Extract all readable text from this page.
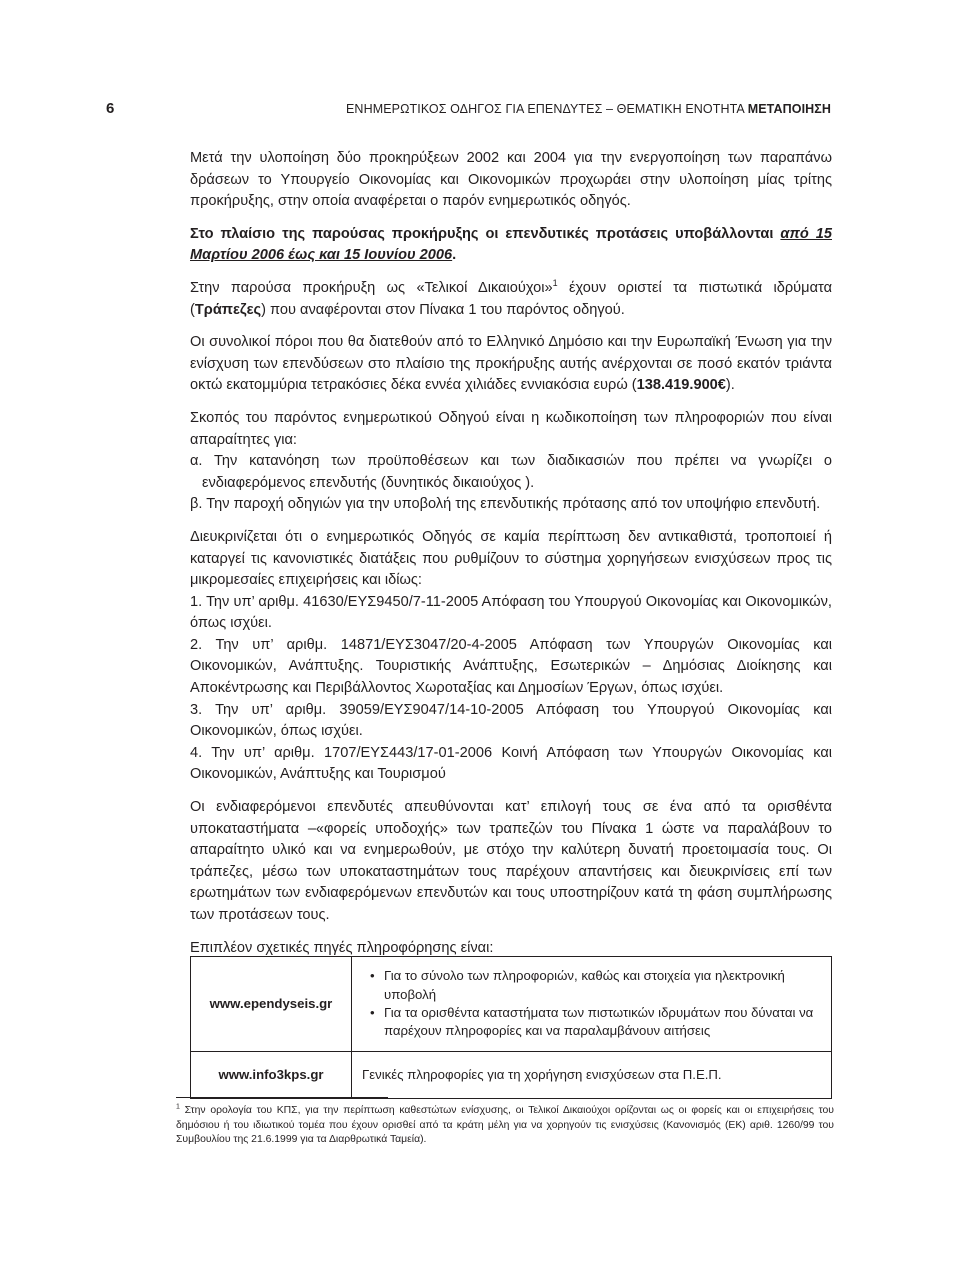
6	ΕΝΗΜΕΡΩΤΙΚΟΣ ΟΔΗΓΟΣ ΓΙΑ ΕΠΕΝΔΥΤΕΣ – ΘΕΜΑΤΙΚΗ ΕΝΟΤΗΤΑ ΜΕΤΑΠΟΙΗΣΗ

Μετά την υλοποίηση δύο προκηρύξεων 2002 και 2004 για την ενεργοποίηση των παραπάνω δράσεων το Υπουργείο Οικονομίας και Οικονομικών προχωράει στην υλοποίηση μίας τρίτης προκήρυξης, στην οποία αναφέρεται ο παρόν ενημερωτικός οδηγός.

Στο πλαίσιο της παρούσας προκήρυξης οι επενδυτικές προτάσεις υποβάλλονται από 15 Μαρτίου 2006 έως και 15 Ιουνίου 2006.

Στην παρούσα προκήρυξη ως «Τελικοί Δικαιούχοι»$^1$ έχουν οριστεί τα πιστωτικά ιδρύματα (Τράπεζες) που αναφέρονται στον Πίνακα 1 του παρόντος οδηγού.

Οι συνολικοί πόροι που θα διατεθούν από το Ελληνικό Δημόσιο και την Ευρωπαϊκή Ένωση για την ενίσχυση των επενδύσεων στο πλαίσιο της προκήρυξης αυτής ανέρχονται σε ποσό εκατόν τριάντα οκτώ εκατομμύρια τετρακόσιες δέκα εννέα χιλιάδες εννιακόσια ευρώ (138.419.900€).

Σκοπός του παρόντος ενημερωτικού Οδηγού είναι η κωδικοποίηση των πληροφοριών που είναι απαραίτητες για:

α. Την κατανόηση των προϋποθέσεων και των διαδικασιών που πρέπει να γνωρίζει ο ενδιαφερόμενος επενδυτής (δυνητικός δικαιούχος ).

β. Την παροχή οδηγιών για την υποβολή της επενδυτικής πρότασης από τον υποψήφιο επενδυτή.

Διευκρινίζεται ότι ο ενημερωτικός Οδηγός σε καμία περίπτωση δεν αντικαθιστά, τροποποιεί ή καταργεί τις κανονιστικές διατάξεις που ρυθμίζουν το σύστημα χορηγήσεων ενισχύσεων προς τις μικρομεσαίες επιχειρήσεις και ιδίως:

1. Την υπ’ αριθμ. 41630/ΕΥΣ9450/7-11-2005 Απόφαση του Υπουργού Οικονομίας και Οικονομικών, όπως ισχύει.

2. Την υπ’ αριθμ. 14871/ΕΥΣ3047/20-4-2005 Απόφαση των Υπουργών Οικονομίας και Οικονομικών, Ανάπτυξης. Τουριστικής Ανάπτυξης, Εσωτερικών – Δημόσιας Διοίκησης και Αποκέντρωσης και Περιβάλλοντος Χωροταξίας και Δημοσίων Έργων, όπως ισχύει.

3. Την υπ’ αριθμ. 39059/ΕΥΣ9047/14-10-2005 Απόφαση του Υπουργού Οικονομίας και Οικονομικών, όπως ισχύει.

4. Την υπ’ αριθμ. 1707/ΕΥΣ443/17-01-2006 Κοινή Απόφαση των Υπουργών Οικονομίας και Οικονομικών, Ανάπτυξης και Τουρισμού

Οι ενδιαφερόμενοι επενδυτές απευθύνονται κατ’ επιλογή τους σε ένα από τα ορισθέντα υποκαταστήματα –«φορείς υποδοχής» των τραπεζών του Πίνακα 1 ώστε να παραλάβουν το απαραίτητο υλικό και να ενημερωθούν, με στόχο την καλύτερη δυνατή προετοιμασία τους. Οι τράπεζες, μέσω των υποκαταστημάτων τους παρέχουν απαντήσεις και διευκρινίσεις επί των ερωτημάτων των ενδιαφερόμενων επενδυτών και τους υποστηρίζουν κατά τη φάση συμπλήρωσης των προτάσεων τους.

Επιπλέον σχετικές πηγές πληροφόρησης είναι:

www.ependyseis.gr	• Για το σύνολο των πληροφοριών, καθώς και στοιχεία για ηλεκτρονική υποβολή
• Για τα ορισθέντα καταστήματα των πιστωτικών ιδρυμάτων που δύναται να παρέχουν πληροφορίες και να παραλαμβάνουν αιτήσεις

www.info3kps.gr	Γενικές πληροφορίες για τη χορήγηση ενισχύσεων στα Π.Ε.Π.
$^1$ Στην ορολογία του ΚΠΣ, για την περίπτωση καθεστώτων ενίσχυσης, οι Τελικοί Δικαιούχοι ορίζονται ως οι φορείς και οι επιχειρήσεις του δημόσιου ή του ιδιωτικού τομέα που έχουν ορισθεί από τα κράτη μέλη για να χορηγούν τις ενισχύσεις (Κανονισμός (ΕΚ) αριθ. 1260/99 του Συμβουλίου της 21.6.1999 για τα Διαρθρωτικά Ταμεία).
